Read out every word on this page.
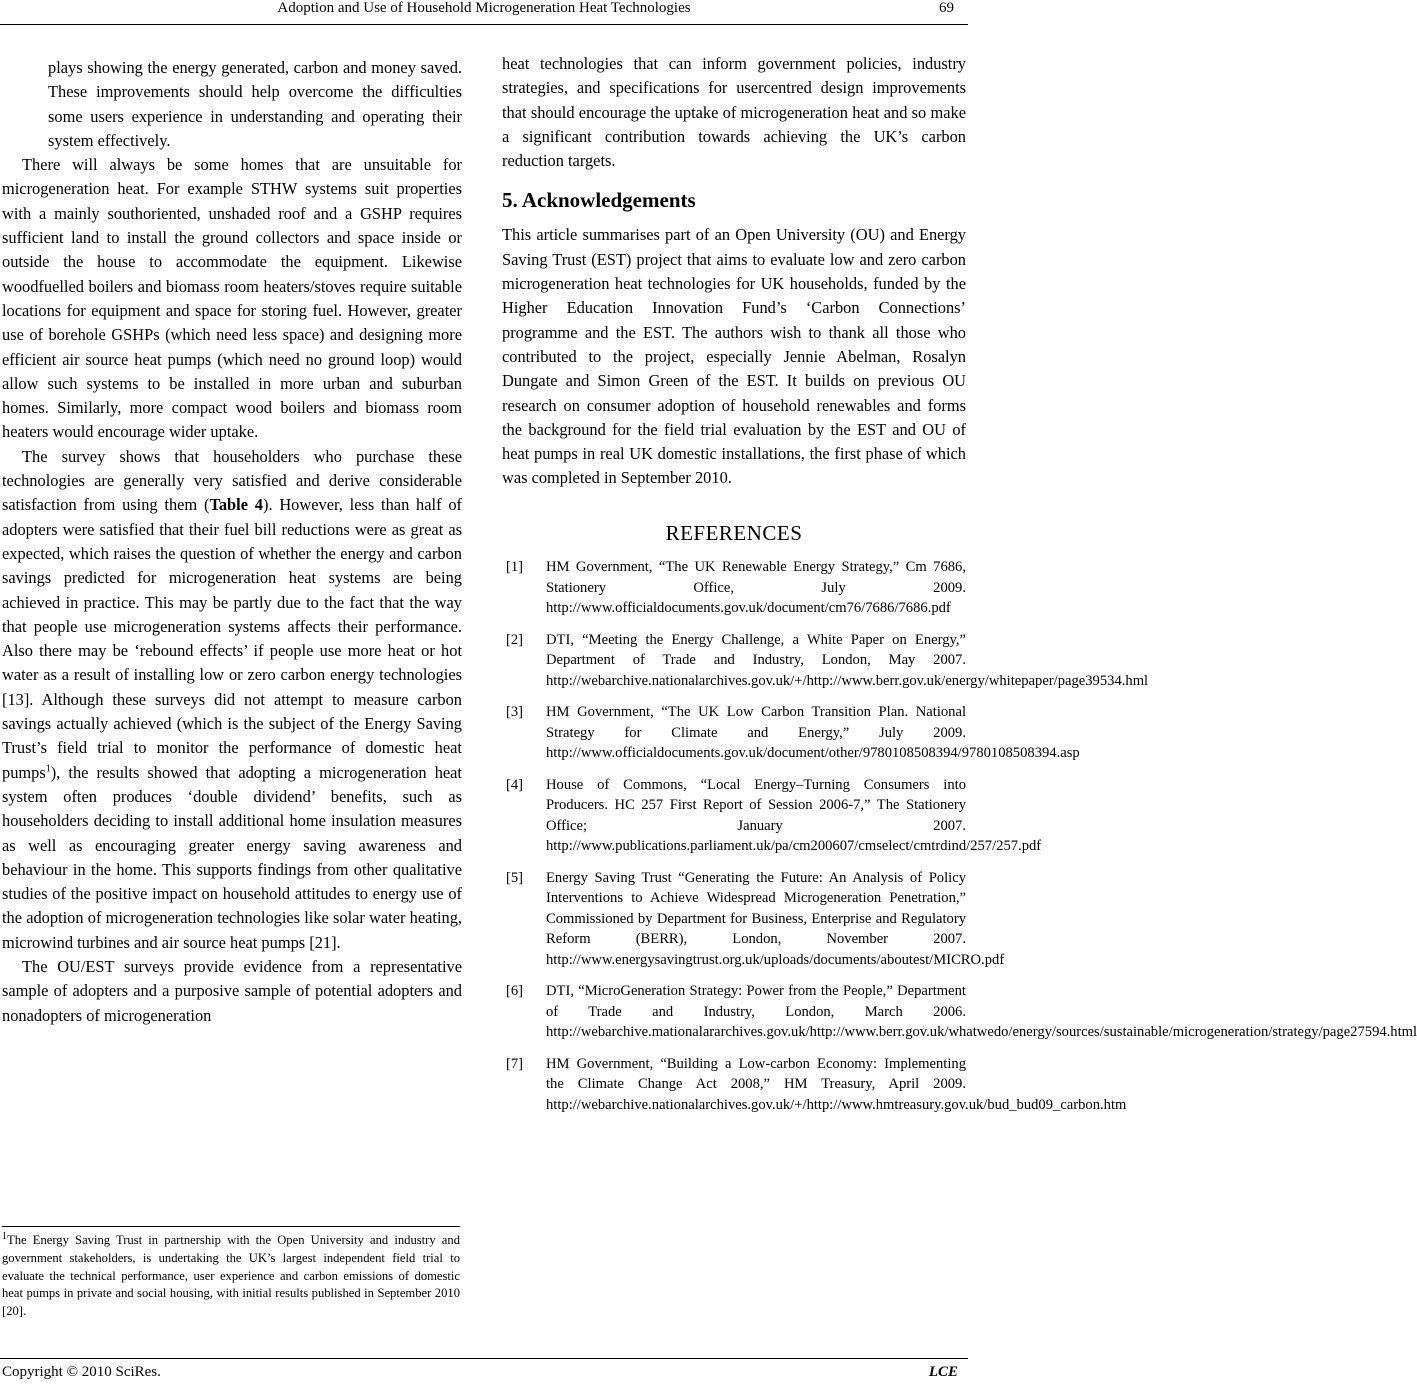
Adoption and Use of Household Microgeneration Heat Technologies	69

plays showing the energy generated, carbon and money saved. These improvements should help overcome the difficulties some users experience in understanding and operating their system effectively.

There will always be some homes that are unsuitable for microgeneration heat. For example STHW systems suit properties with a mainly southoriented, unshaded roof and a GSHP requires sufficient land to install the ground collectors and space inside or outside the house to accommodate the equipment. Likewise woodfuelled boilers and biomass room heaters/stoves require suitable locations for equipment and space for storing fuel. However, greater use of borehole GSHPs (which need less space) and designing more efficient air source heat pumps (which need no ground loop) would allow such systems to be installed in more urban and suburban homes. Similarly, more compact wood boilers and biomass room heaters would encourage wider uptake.

The survey shows that householders who purchase these technologies are generally very satisfied and derive considerable satisfaction from using them (Table 4). However, less than half of adopters were satisfied that their fuel bill reductions were as great as expected, which raises the question of whether the energy and carbon savings predicted for microgeneration heat systems are being achieved in practice. This may be partly due to the fact that the way that people use microgeneration systems affects their performance. Also there may be ‘rebound effects’ if people use more heat or hot water as a result of installing low or zero carbon energy technologies [13]. Although these surveys did not attempt to measure carbon savings actually achieved (which is the subject of the Energy Saving Trust’s field trial to monitor the performance of domestic heat pumps$^1$), the results showed that adopting a microgeneration heat system often produces ‘double dividend’ benefits, such as householders deciding to install additional home insulation measures as well as encouraging greater energy saving awareness and behaviour in the home. This supports findings from other qualitative studies of the positive impact on household attitudes to energy use of the adoption of microgeneration technologies like solar water heating, microwind turbines and air source heat pumps [21].

The OU/EST surveys provide evidence from a representative sample of adopters and a purposive sample of potential adopters and nonadopters of microgeneration

$^1$The Energy Saving Trust in partnership with the Open University and industry and government stakeholders, is undertaking the UK’s largest independent field trial to evaluate the technical performance, user experience and carbon emissions of domestic heat pumps in private and social housing, with initial results published in September 2010 [20].

heat technologies that can inform government policies, industry strategies, and specifications for usercentred design improvements that should encourage the uptake of microgeneration heat and so make a significant contribution towards achieving the UK’s carbon reduction targets.

5. Acknowledgements

This article summarises part of an Open University (OU) and Energy Saving Trust (EST) project that aims to evaluate low and zero carbon microgeneration heat technologies for UK households, funded by the Higher Education Innovation Fund’s ‘Carbon Connections’ programme and the EST. The authors wish to thank all those who contributed to the project, especially Jennie Abelman, Rosalyn Dungate and Simon Green of the EST. It builds on previous OU research on consumer adoption of household renewables and forms the background for the field trial evaluation by the EST and OU of heat pumps in real UK domestic installations, the first phase of which was completed in September 2010.

REFERENCES
[1] HM Government, “The UK Renewable Energy Strategy,” Cm 7686, Stationery Office, July 2009. http://www.officialdocuments.gov.uk/document/cm76/7686/7686.pdf
[2] DTI, “Meeting the Energy Challenge, a White Paper on Energy,” Department of Trade and Industry, London, May 2007. http://webarchive.nationalarchives.gov.uk/+/http://www.berr.gov.uk/energy/whitepaper/page39534.hml
[3] HM Government, “The UK Low Carbon Transition Plan. National Strategy for Climate and Energy,” July 2009. http://www.officialdocuments.gov.uk/document/other/9780108508394/9780108508394.asp
[4] House of Commons, “Local Energy–Turning Consumers into Producers. HC 257 First Report of Session 2006-7,” The Stationery Office; January 2007. http://www.publications.parliament.uk/pa/cm200607/cmselect/cmtrdind/257/257.pdf
[5] Energy Saving Trust “Generating the Future: An Analysis of Policy Interventions to Achieve Widespread Microgeneration Penetration,” Commissioned by Department for Business, Enterprise and Regulatory Reform (BERR), London, November 2007. http://www.energysavingtrust.org.uk/uploads/documents/aboutest/MICRO.pdf
[6] DTI, “MicroGeneration Strategy: Power from the People,” Department of Trade and Industry, London, March 2006. http://webarchive.mationalararchives.gov.uk/http://www.berr.gov.uk/whatwedo/energy/sources/sustainable/microgeneration/strategy/page27594.html
[7] HM Government, “Building a Low-carbon Economy: Implementing the Climate Change Act 2008,” HM Treasury, April 2009. http://webarchive.nationalarchives.gov.uk/+/http://www.hmtreasury.gov.uk/bud_bud09_carbon.htm
Copyright © 2010 SciRes.	LCE
